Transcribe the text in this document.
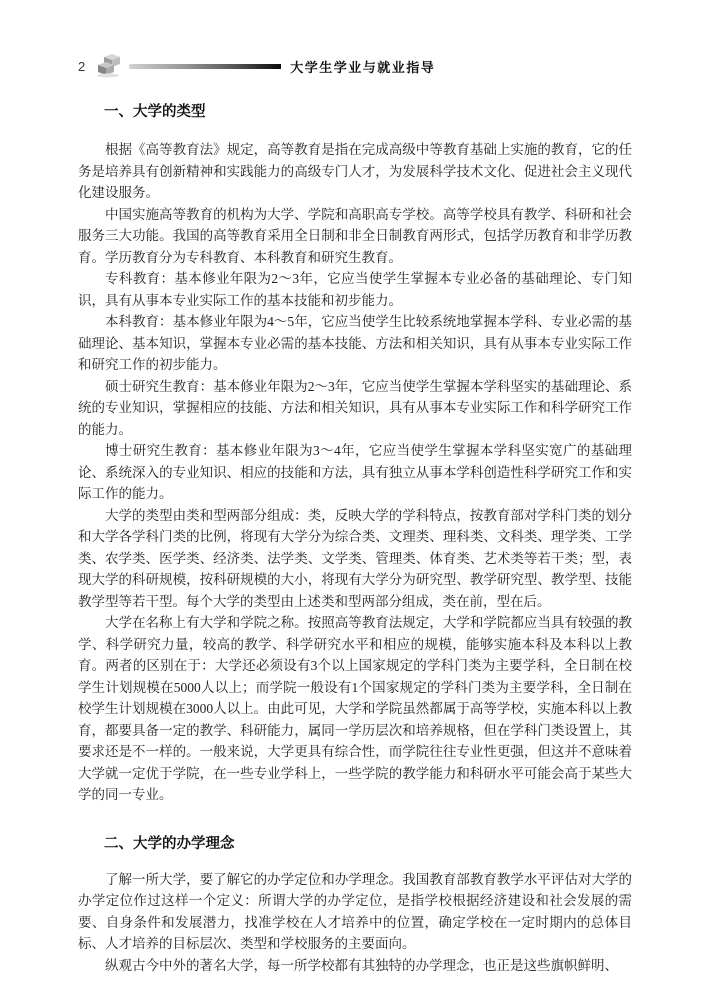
2	大学生学业与就业指导
一、大学的类型

根据《高等教育法》规定，高等教育是指在完成高级中等教育基础上实施的教育，它的任务是培养具有创新精神和实践能力的高级专门人才，为发展科学技术文化、促进社会主义现代化建设服务。

中国实施高等教育的机构为大学、学院和高职高专学校。高等学校具有教学、科研和社会服务三大功能。我国的高等教育采用全日制和非全日制教育两形式，包括学历教育和非学历教育。学历教育分为专科教育、本科教育和研究生教育。

专科教育：基本修业年限为2～3年，它应当使学生掌握本专业必备的基础理论、专门知识，具有从事本专业实际工作的基本技能和初步能力。

本科教育：基本修业年限为4～5年，它应当使学生比较系统地掌握本学科、专业必需的基础理论、基本知识，掌握本专业必需的基本技能、方法和相关知识，具有从事本专业实际工作和研究工作的初步能力。

硕士研究生教育：基本修业年限为2～3年，它应当使学生掌握本学科坚实的基础理论、系统的专业知识，掌握相应的技能、方法和相关知识，具有从事本专业实际工作和科学研究工作的能力。

博士研究生教育：基本修业年限为3～4年，它应当使学生掌握本学科坚实宽广的基础理论、系统深入的专业知识、相应的技能和方法，具有独立从事本学科创造性科学研究工作和实际工作的能力。

大学的类型由类和型两部分组成：类，反映大学的学科特点，按教育部对学科门类的划分和大学各学科门类的比例，将现有大学分为综合类、文理类、理科类、文科类、理学类、工学类、农学类、医学类、经济类、法学类、文学类、管理类、体育类、艺术类等若干类；型，表现大学的科研规模，按科研规模的大小，将现有大学分为研究型、教学研究型、教学型、技能教学型等若干型。每个大学的类型由上述类和型两部分组成，类在前，型在后。

大学在名称上有大学和学院之称。按照高等教育法规定，大学和学院都应当具有较强的教学、科学研究力量，较高的教学、科学研究水平和相应的规模，能够实施本科及本科以上教育。两者的区别在于：大学还必须设有3个以上国家规定的学科门类为主要学科，全日制在校学生计划规模在5000人以上；而学院一般设有1个国家规定的学科门类为主要学科，全日制在校学生计划规模在3000人以上。由此可见，大学和学院虽然都属于高等学校，实施本科以上教育，都要具备一定的教学、科研能力，属同一学历层次和培养规格，但在学科门类设置上，其要求还是不一样的。一般来说，大学更具有综合性，而学院往往专业性更强，但这并不意味着大学就一定优于学院，在一些专业学科上，一些学院的教学能力和科研水平可能会高于某些大学的同一专业。

二、大学的办学理念

了解一所大学，要了解它的办学定位和办学理念。我国教育部教育教学水平评估对大学的办学定位作过这样一个定义：所谓大学的办学定位，是指学校根据经济建设和社会发展的需要、自身条件和发展潜力，找准学校在人才培养中的位置，确定学校在一定时期内的总体目标、人才培养的目标层次、类型和学校服务的主要面向。

纵观古今中外的著名大学，每一所学校都有其独特的办学理念，也正是这些旗帜鲜明、
